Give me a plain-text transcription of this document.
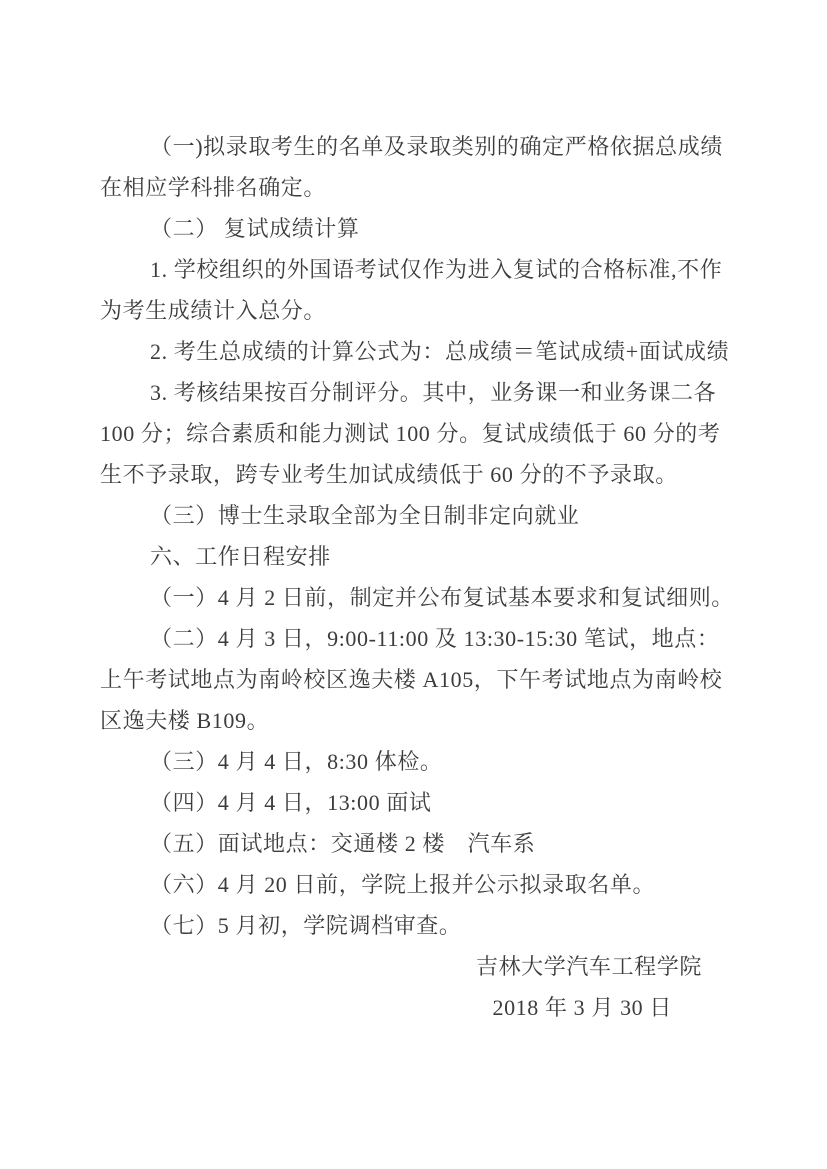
（一)拟录取考生的名单及录取类别的确定严格依据总成绩

在相应学科排名确定。

（二） 复试成绩计算

1. 学校组织的外国语考试仅作为进入复试的合格标准,不作

为考生成绩计入总分。

2. 考生总成绩的计算公式为：总成绩＝笔试成绩+面试成绩

3. 考核结果按百分制评分。其中，业务课一和业务课二各

100 分；综合素质和能力测试 100 分。复试成绩低于 60 分的考

生不予录取，跨专业考生加试成绩低于 60 分的不予录取。

（三）博士生录取全部为全日制非定向就业

六、工作日程安排

（一）4 月 2 日前，制定并公布复试基本要求和复试细则。

（二）4 月 3 日，9:00-11:00 及 13:30-15:30 笔试，地点：

上午考试地点为南岭校区逸夫楼 A105，下午考试地点为南岭校

区逸夫楼 B109。

（三）4 月 4 日，8:30 体检。

（四）4 月 4 日，13:00 面试

（五）面试地点：交通楼 2 楼　汽车系

（六）4 月 20 日前，学院上报并公示拟录取名单。

（七）5 月初，学院调档审查。

吉林大学汽车工程学院

2018 年 3 月 30 日
